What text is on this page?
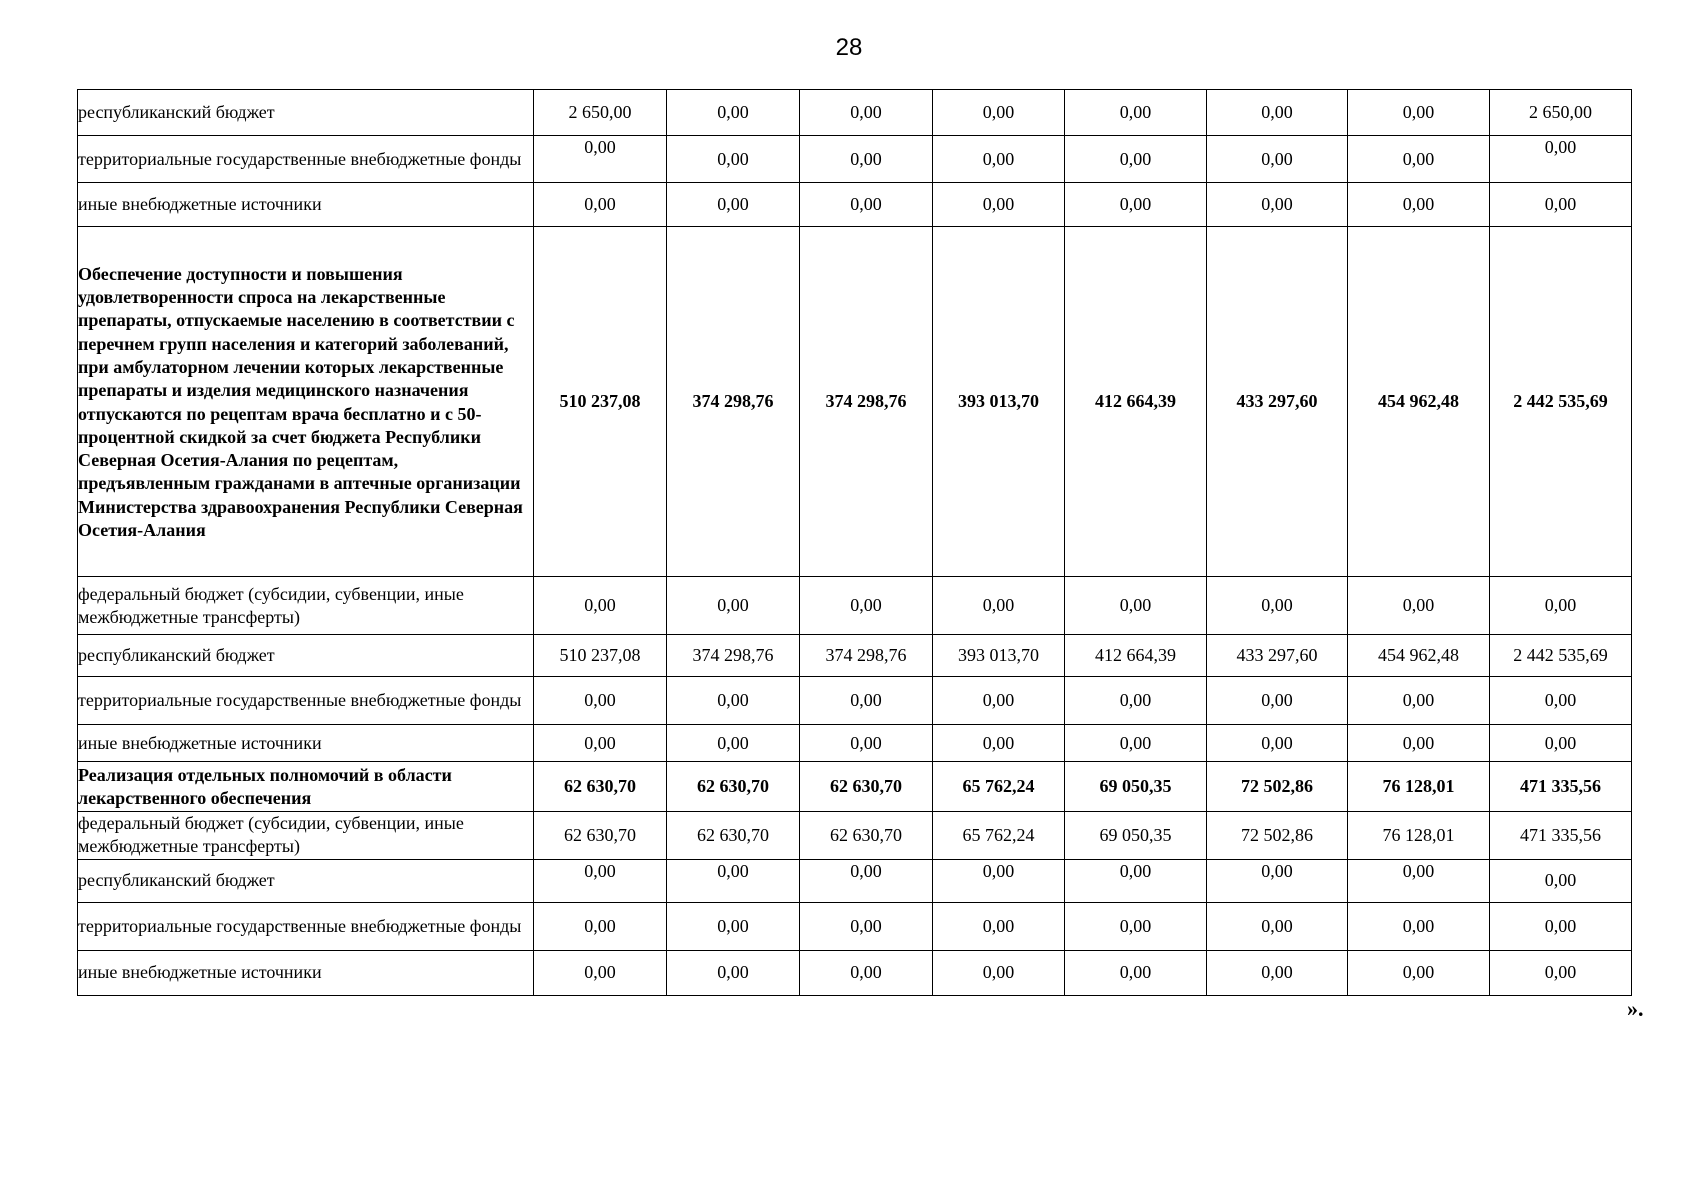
28
республиканский бюджет	2 650,00	0,00	0,00	0,00	0,00	0,00	0,00	2 650,00
территориальные государственные внебюджетные фонды	0,00	0,00	0,00	0,00	0,00	0,00	0,00	0,00
иные внебюджетные источники	0,00	0,00	0,00	0,00	0,00	0,00	0,00	0,00
Обеспечение доступности и повышения удовлетворенности спроса на лекарственные препараты, отпускаемые населению в соответствии с перечнем групп населения и категорий заболеваний, при амбулаторном лечении которых лекарственные препараты и изделия медицинского назначения отпускаются по рецептам врача бесплатно и с 50-процентной скидкой за счет бюджета Республики Северная Осетия-Алания по рецептам, предъявленным гражданами в аптечные организации Министерства здравоохранения Республики Северная Осетия-Алания	510 237,08	374 298,76	374 298,76	393 013,70	412 664,39	433 297,60	454 962,48	2 442 535,69
федеральный бюджет (субсидии, субвенции, иные межбюджетные трансферты)	0,00	0,00	0,00	0,00	0,00	0,00	0,00	0,00
республиканский бюджет	510 237,08	374 298,76	374 298,76	393 013,70	412 664,39	433 297,60	454 962,48	2 442 535,69
территориальные государственные внебюджетные фонды	0,00	0,00	0,00	0,00	0,00	0,00	0,00	0,00
иные внебюджетные источники	0,00	0,00	0,00	0,00	0,00	0,00	0,00	0,00
Реализация отдельных полномочий в области лекарственного обеспечения	62 630,70	62 630,70	62 630,70	65 762,24	69 050,35	72 502,86	76 128,01	471 335,56
федеральный бюджет (субсидии, субвенции, иные межбюджетные трансферты)	62 630,70	62 630,70	62 630,70	65 762,24	69 050,35	72 502,86	76 128,01	471 335,56
республиканский бюджет	0,00	0,00	0,00	0,00	0,00	0,00	0,00	0,00
территориальные государственные внебюджетные фонды	0,00	0,00	0,00	0,00	0,00	0,00	0,00	0,00
иные внебюджетные источники	0,00	0,00	0,00	0,00	0,00	0,00	0,00	0,00
».
